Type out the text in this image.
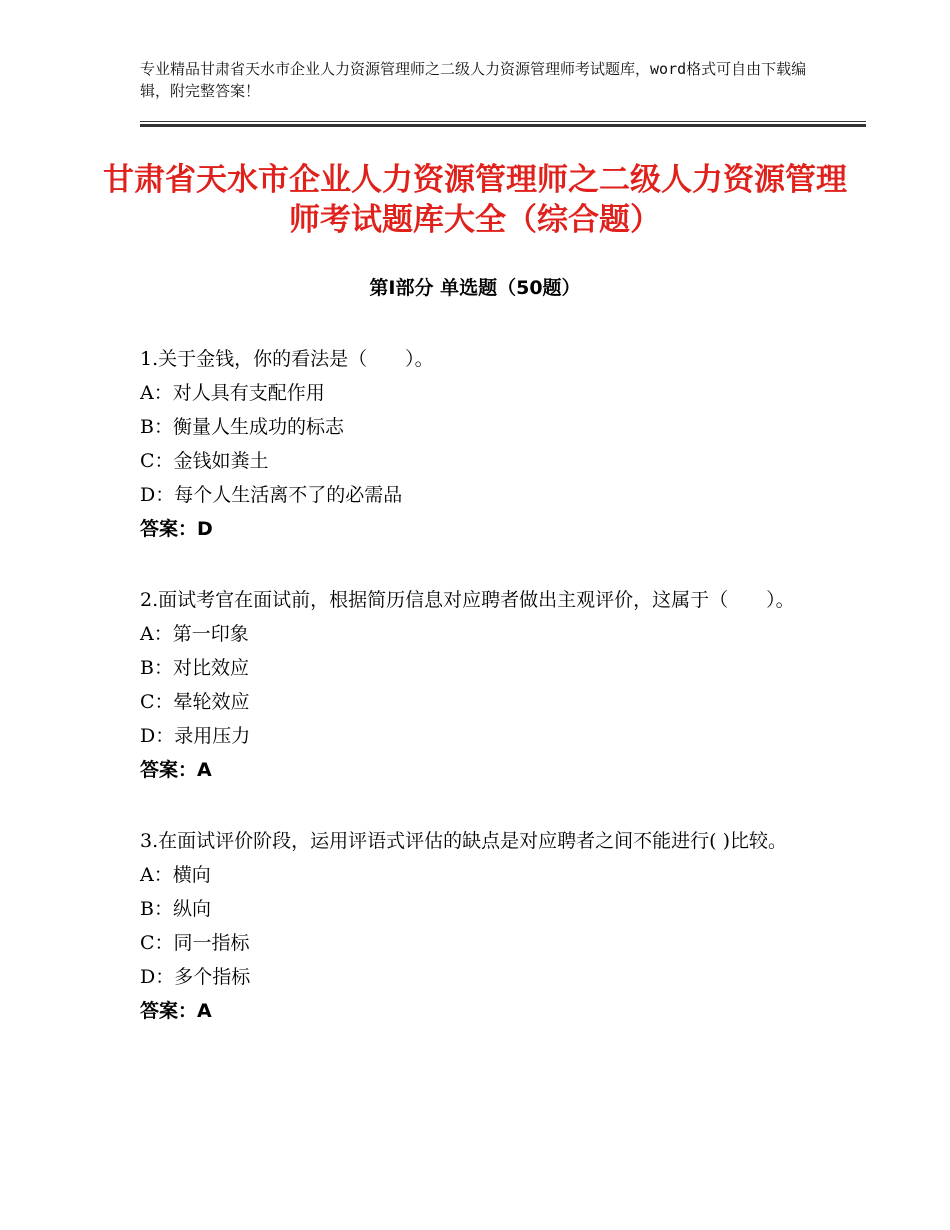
专业精品甘肃省天水市企业人力资源管理师之二级人力资源管理师考试题库，word格式可自由下载编辑，附完整答案！
甘肃省天水市企业人力资源管理师之二级人力资源管理师考试题库大全（综合题）
第Ⅰ部分 单选题（50题）

1.关于金钱，你的看法是（　　）。

A：对人具有支配作用

B：衡量人生成功的标志

C：金钱如粪土

D：每个人生活离不了的必需品

答案：D

2.面试考官在面试前，根据简历信息对应聘者做出主观评价，这属于（　　）。

A：第一印象

B：对比效应

C：晕轮效应

D：录用压力

答案：A

3.在面试评价阶段，运用评语式评估的缺点是对应聘者之间不能进行( )比较。

A：横向

B：纵向

C：同一指标

D：多个指标

答案：A
